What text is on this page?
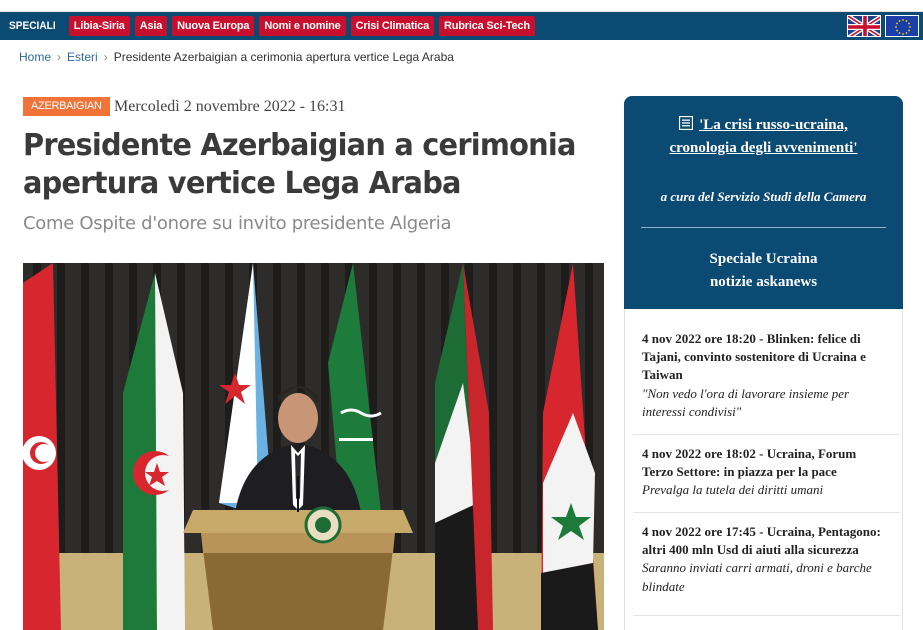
SPECIALI	Libia-Siria	Asia	Nuova Europa	Nomi e nomine	Crisi Climatica	Rubrica Sci-Tech
Home › Esteri › Presidente Azerbaigian a cerimonia apertura vertice Lega Araba
AZERBAIGIAN Mercoledì 2 novembre 2022 - 16:31
Presidente Azerbaigian a cerimonia
apertura vertice Lega Araba
Come Ospite d'onore su invito presidente Algeria
'La crisi russo-ucraina,
cronologia degli avvenimenti'
a cura del Servizio Studi della Camera
Speciale Ucraina
notizie askanews
4 nov 2022 ore 18:20 - Blinken: felice di Tajani, convinto sostenitore di Ucraina e Taiwan
"Non vedo l'ora di lavorare insieme per interessi condivisi"
4 nov 2022 ore 18:02 - Ucraina, Forum Terzo Settore: in piazza per la pace
Prevalga la tutela dei diritti umani
4 nov 2022 ore 17:45 - Ucraina, Pentagono: altri 400 mln Usd di aiuti alla sicurezza
Saranno inviati carri armati, droni e barche blindate
